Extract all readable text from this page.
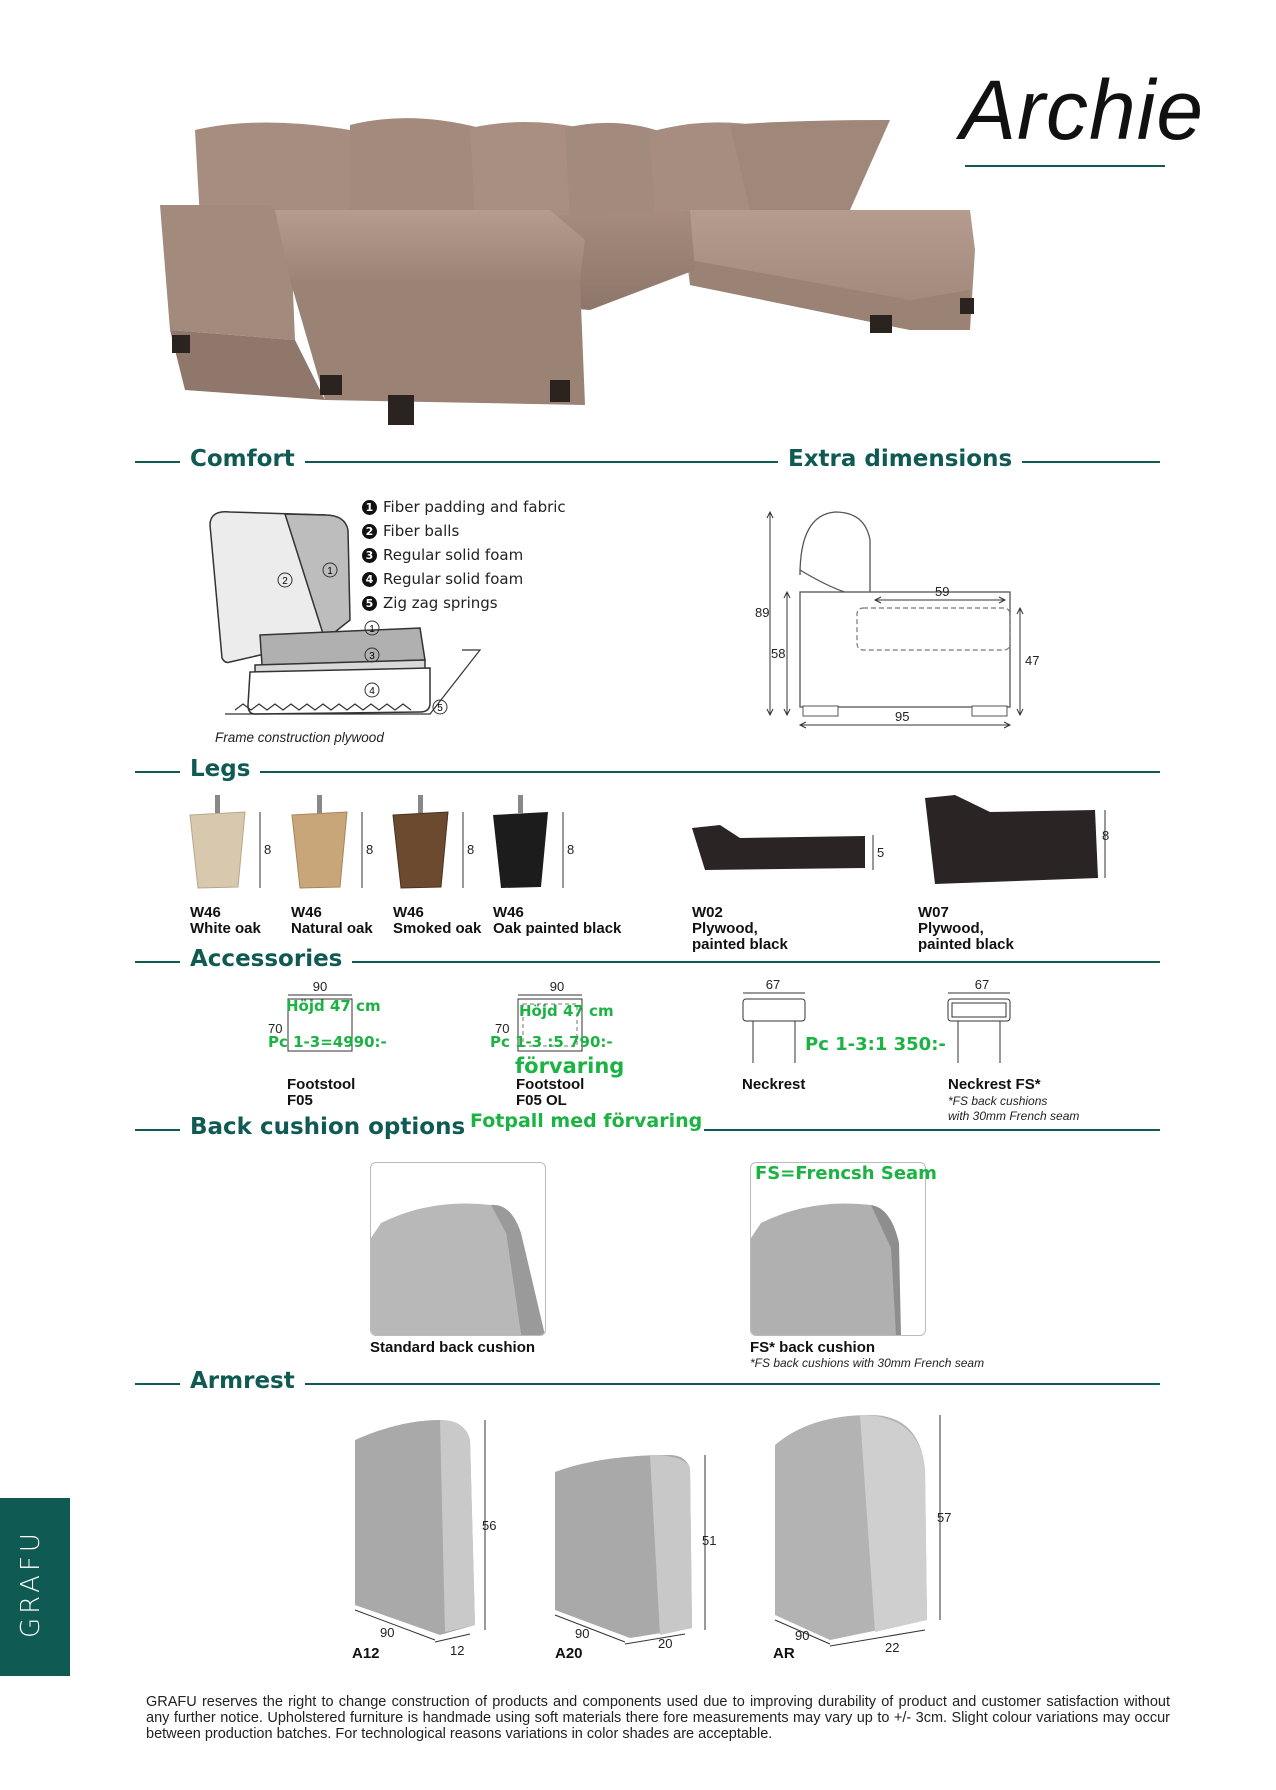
Archie
Comfort	Extra dimensions
2
1
1
3
4
5
1 Fiber padding and fabric
2 Fiber balls
3 Regular solid foam
4 Regular solid foam
5 Zig zag springs
Frame construction plywood
89
58
59
47
95
Legs
8	8	8	8	5
8
W46
White oak
W46
Natural oak
W46
Smoked oak
W46
Oak painted black
W02
Plywood,
painted black
W07
Plywood,
painted black
Accessories
90
70
90
70
67	67
Höjd 47 cm
Pc 1-3=4990:-
Höjd 47 cm
Pc 1-3 :5 790:-
förvaring
Pc 1-3:1 350:-
Footstool
F05
Footstool
F05 OL
Neckrest	Neckrest FS*
*FS back cushions
with 30mm French seam
Back cushion options Fotpall med förvaring
FS=Frencsh Seam
Standard back cushion	FS* back cushion
*FS back cushions with 30mm French seam
Armrest
56
90
12
51
90
20
57
90
22
A12	A20	AR
GRAFU
GRAFU reserves the right to change construction of products and components used due to improving durability of product and customer satisfaction without any further notice. Upholstered furniture is handmade using soft materials there fore measurements may vary up to +/- 3cm. Slight colour variations may occur between production batches. For technological reasons variations in color shades are acceptable.
